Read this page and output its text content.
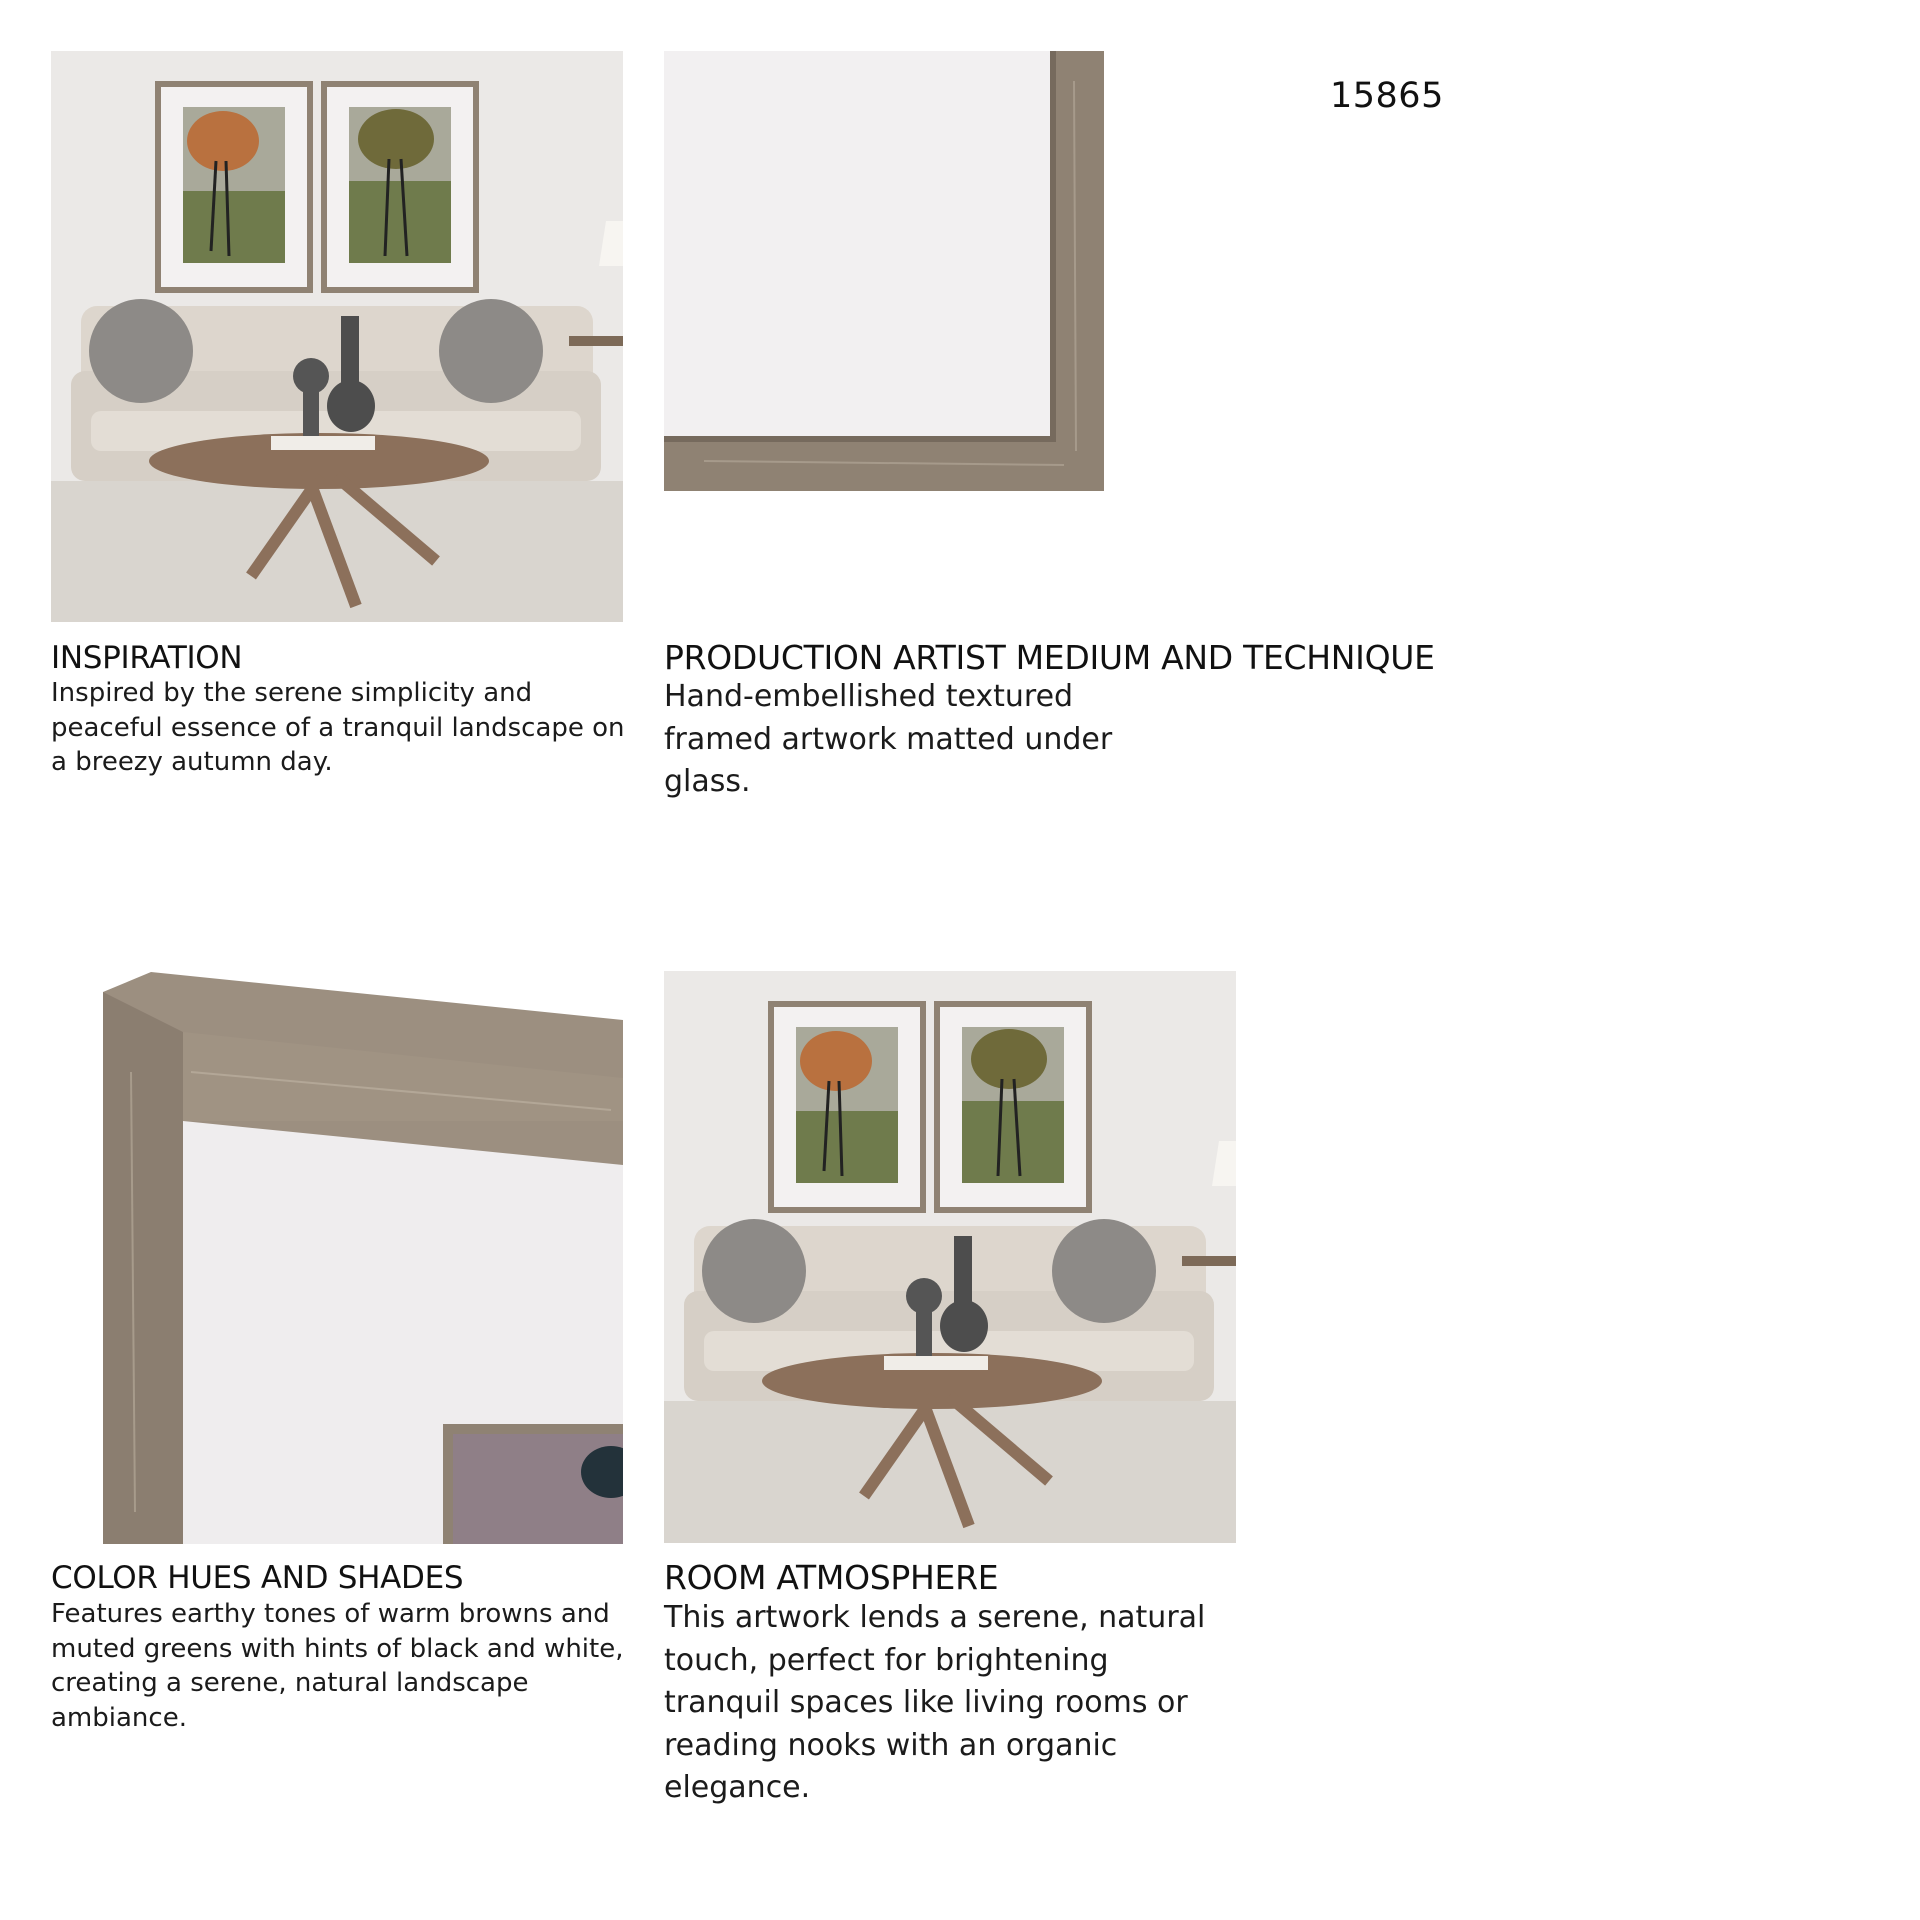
15865
INSPIRATION

Inspired by the serene simplicity and peaceful essence of a tranquil landscape on a breezy autumn day.

PRODUCTION ARTIST MEDIUM AND TECHNIQUE

Hand-embellished textured framed artwork matted under glass.

COLOR HUES AND SHADES

Features earthy tones of warm browns and muted greens with hints of black and white, creating a serene, natural landscape ambiance.

ROOM ATMOSPHERE

This artwork lends a serene, natural touch, perfect for brightening tranquil spaces like living rooms or reading nooks with an organic elegance.
